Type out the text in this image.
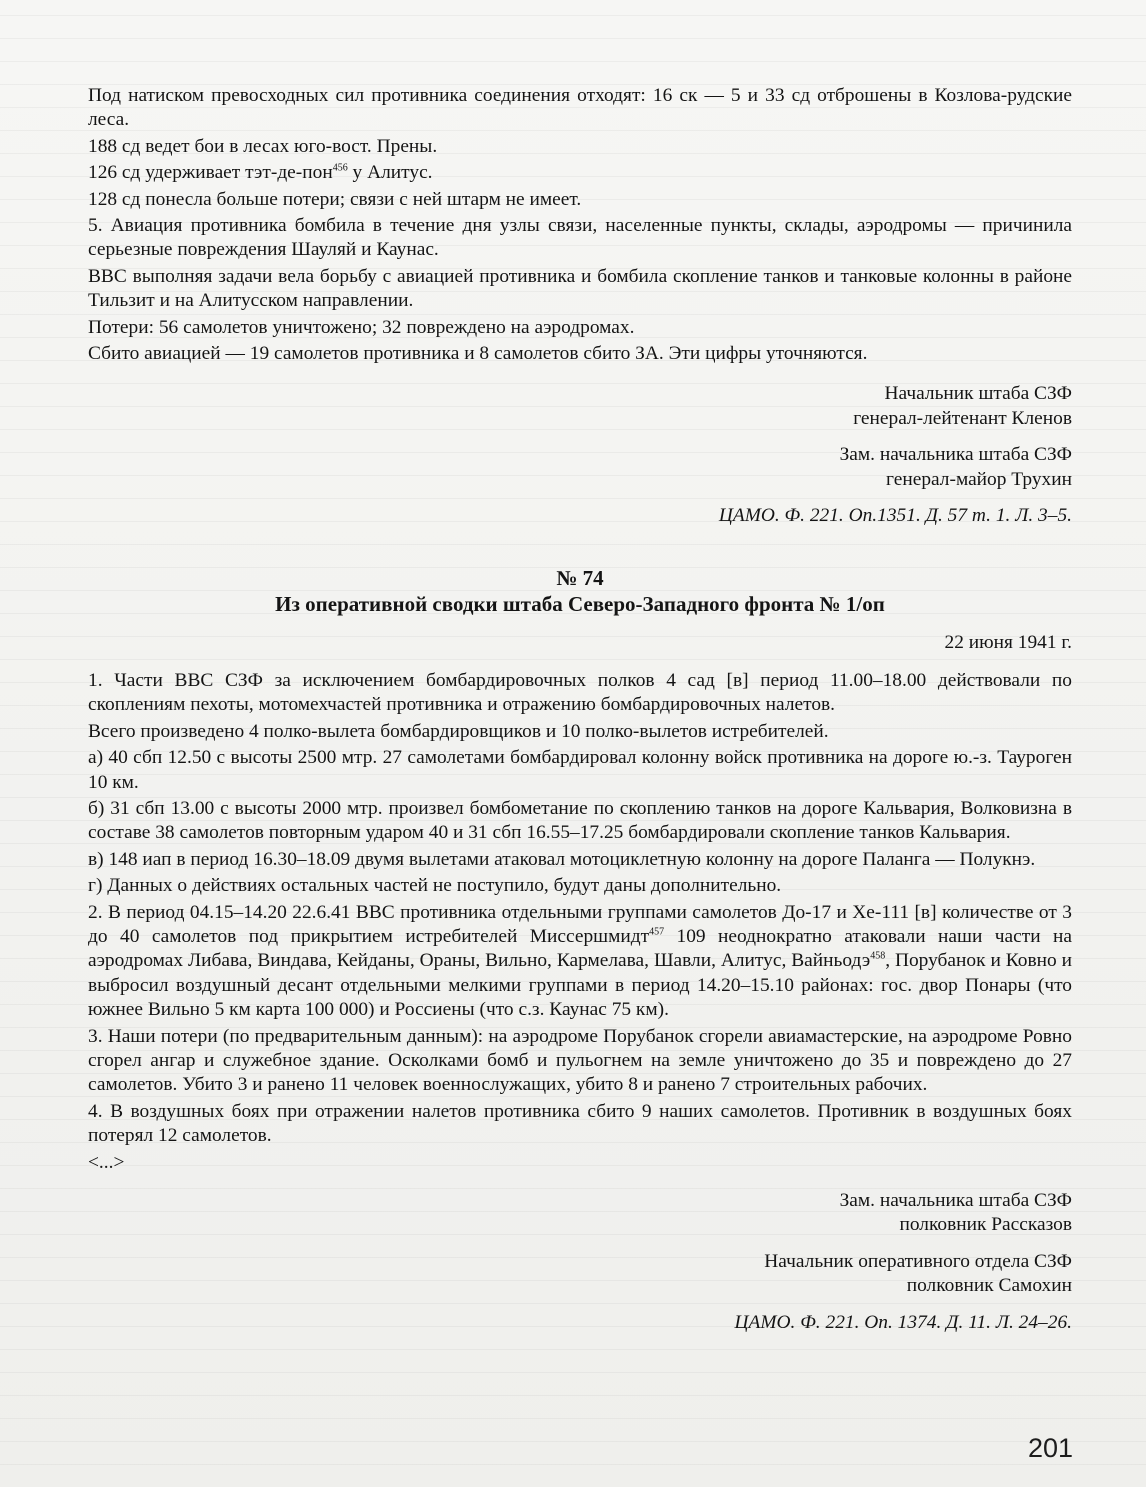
Под натиском превосходных сил противника соединения отходят: 16 ск — 5 и 33 сд отброшены в Козлова-рудские леса.

188 сд ведет бои в лесах юго-вост. Прены.

126 сд удерживает тэт-де-пон$^{456}$ у Алитус.

128 сд понесла больше потери; связи с ней штарм не имеет.

5. Авиация противника бомбила в течение дня узлы связи, населенные пункты, склады, аэродромы — причинила серьезные повреждения Шауляй и Каунас.

ВВС выполняя задачи вела борьбу с авиацией противника и бомбила скопление танков и танковые колонны в районе Тильзит и на Алитусском направлении.

Потери: 56 самолетов уничтожено; 32 повреждено на аэродромах.

Сбито авиацией — 19 самолетов противника и 8 самолетов сбито ЗА. Эти цифры уточняются.

Начальник штаба СЗФ

генерал-лейтенант Кленов

Зам. начальника штаба СЗФ

генерал-майор Трухин

ЦАМО. Ф. 221. Оп.1351. Д. 57 т. 1. Л. 3–5.

№ 74

Из оперативной сводки штаба Северо-Западного фронта № 1/оп

22 июня 1941 г.

1. Части ВВС СЗФ за исключением бомбардировочных полков 4 сад [в] период 11.00–18.00 действовали по скоплениям пехоты, мотомехчастей противника и отражению бомбардировочных налетов.

Всего произведено 4 полко-вылета бомбардировщиков и 10 полко-вылетов истребителей.

а) 40 сбп 12.50 с высоты 2500 мтр. 27 самолетами бомбардировал колонну войск противника на дороге ю.-з. Тауроген 10 км.

б) 31 сбп 13.00 с высоты 2000 мтр. произвел бомбометание по скоплению танков на дороге Кальвария, Волковизна в составе 38 самолетов повторным ударом 40 и 31 сбп 16.55–17.25 бомбардировали скопление танков Кальвария.

в) 148 иап в период 16.30–18.09 двумя вылетами атаковал мотоциклетную колонну на дороге Паланга — Полукнэ.

г) Данных о действиях остальных частей не поступило, будут даны дополнительно.

2. В период 04.15–14.20 22.6.41 ВВС противника отдельными группами самолетов До-17 и Хе-111 [в] количестве от 3 до 40 самолетов под прикрытием истребителей Миссершмидт$^{457}$ 109 неоднократно атаковали наши части на аэродромах Либава, Виндава, Кейданы, Ораны, Вильно, Кармелава, Шавли, Алитус, Вайньодэ$^{458}$, Порубанок и Ковно и выбросил воздушный десант отдельными мелкими группами в период 14.20–15.10 районах: гос. двор Понары (что южнее Вильно 5 км карта 100 000) и Россиены (что с.з. Каунас 75 км).

3. Наши потери (по предварительным данным): на аэродроме Порубанок сгорели авиамастерские, на аэродроме Ровно сгорел ангар и служебное здание. Осколками бомб и пульогнем на земле уничтожено до 35 и повреждено до 27 самолетов. Убито 3 и ранено 11 человек военнослужащих, убито 8 и ранено 7 строительных рабочих.

4. В воздушных боях при отражении налетов противника сбито 9 наших самолетов. Противник в воздушных боях потерял 12 самолетов.

<...>

Зам. начальника штаба СЗФ

полковник Рассказов

Начальник оперативного отдела СЗФ

полковник Самохин

ЦАМО. Ф. 221. Оп. 1374. Д. 11. Л. 24–26.

201
